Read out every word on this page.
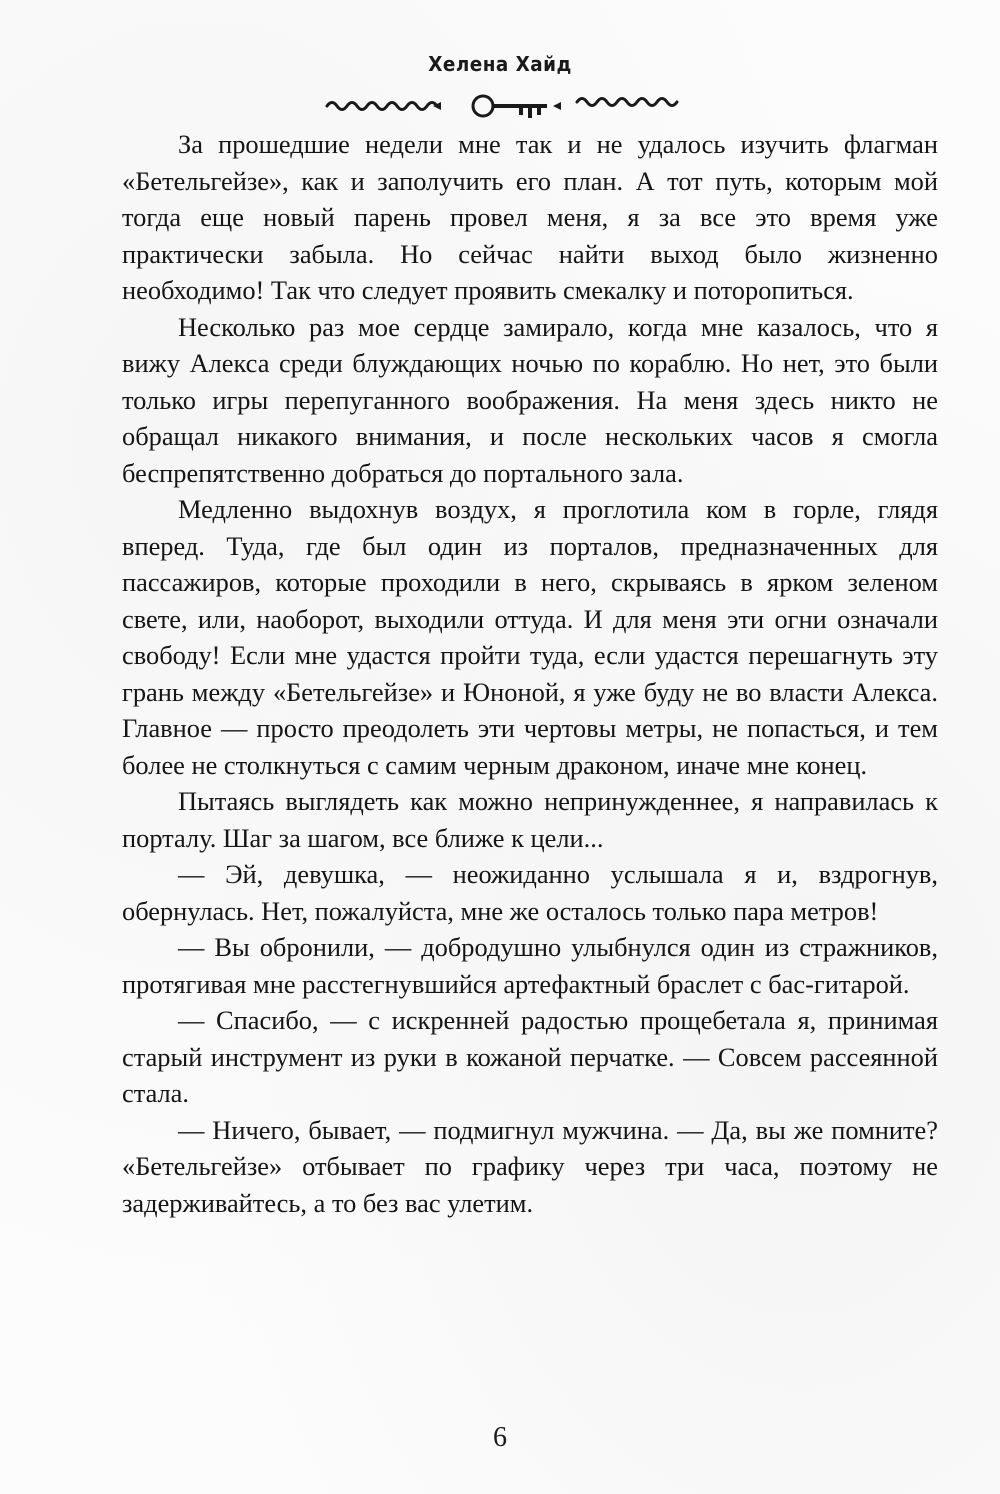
Хелена Хайд

За прошедшие недели мне так и не удалось изучить флагман «Бетельгейзе», как и заполучить его план. А тот путь, которым мой тогда еще новый парень провел меня, я за все это время уже практически забыла. Но сейчас найти выход было жизненно необходимо! Так что следует проявить смекалку и поторопиться.

Несколько раз мое сердце замирало, когда мне казалось, что я вижу Алекса среди блуждающих ночью по кораблю. Но нет, это были только игры перепуганного воображения. На меня здесь никто не обращал никакого внимания, и после нескольких часов я смогла беспрепятственно добраться до портального зала.

Медленно выдохнув воздух, я проглотила ком в горле, глядя вперед. Туда, где был один из порталов, предназначенных для пассажиров, которые проходили в него, скрываясь в ярком зеленом свете, или, наоборот, выходили оттуда. И для меня эти огни означали свободу! Если мне удастся пройти туда, если удастся перешагнуть эту грань между «Бетельгейзе» и Юноной, я уже буду не во власти Алекса. Главное — просто преодолеть эти чертовы метры, не попасться, и тем более не столкнуться с самим черным драконом, иначе мне конец.

Пытаясь выглядеть как можно непринужденнее, я направилась к порталу. Шаг за шагом, все ближе к цели...

— Эй, девушка, — неожиданно услышала я и, вздрогнув, обернулась. Нет, пожалуйста, мне же осталось только пара метров!

— Вы обронили, — добродушно улыбнулся один из стражников, протягивая мне расстегнувшийся артефактный браслет с бас-гитарой.

— Спасибо, — с искренней радостью прощебетала я, принимая старый инструмент из руки в кожаной перчатке. — Совсем рассеянной стала.

— Ничего, бывает, — подмигнул мужчина. — Да, вы же помните? «Бетельгейзе» отбывает по графику через три часа, поэтому не задерживайтесь, а то без вас улетим.

6
